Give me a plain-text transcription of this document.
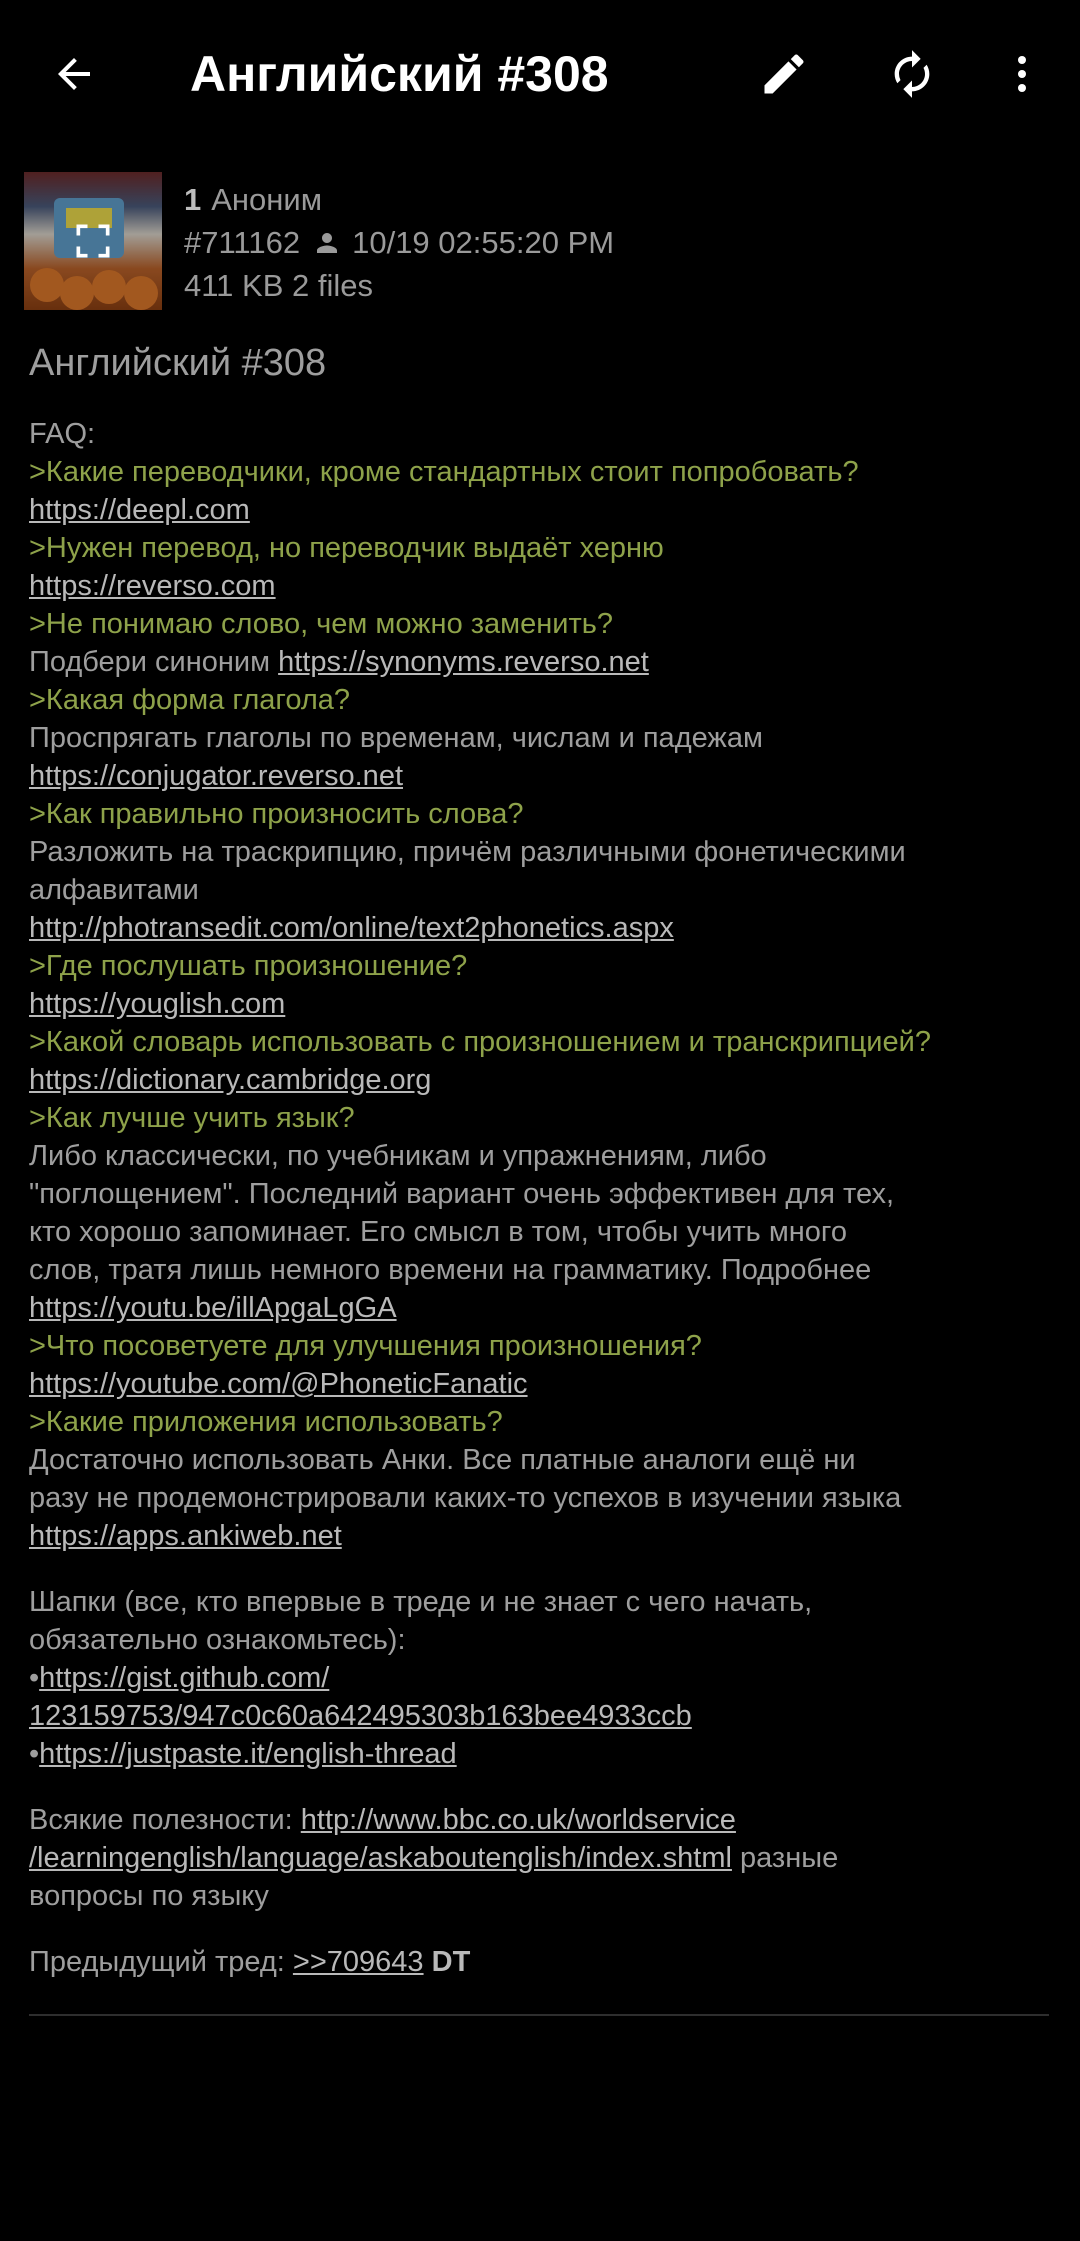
Английский #308
1 Аноним
#711162 10/19 02:55:20 PM
411 KB 2 files
Английский #308
FAQ:
>Какие переводчики, кроме стандартных стоит попробовать?
https://deepl.com
>Нужен перевод, но переводчик выдаёт херню
https://reverso.com
>Не понимаю слово, чем можно заменить?
Подбери синоним https://synonyms.reverso.net
>Какая форма глагола?
Проспрягать глаголы по временам, числам и падежам
https://conjugator.reverso.net
>Как правильно произносить слова?
Разложить на траскрипцию, причём различными фонетическими
алфавитами
http://photransedit.com/online/text2phonetics.aspx
>Где послушать произношение?
https://youglish.com
>Какой словарь использовать с произношением и транскрипцией?
https://dictionary.cambridge.org
>Как лучше учить язык?
Либо классически, по учебникам и упражнениям, либо
"поглощением". Последний вариант очень эффективен для тех,
кто хорошо запоминает. Его смысл в том, чтобы учить много
слов, тратя лишь немного времени на грамматику. Подробнее
https://youtu.be/illApgaLgGA
>Что посоветуете для улучшения произношения?
https://youtube.com/@PhoneticFanatic
>Какие приложения использовать?
Достаточно использовать Анки. Все платные аналоги ещё ни
разу не продемонстрировали каких-то успехов в изучении языка
https://apps.ankiweb.net
Шапки (все, кто впервые в треде и не знает с чего начать,
обязательно ознакомьтесь):
•https://gist.github.com/
123159753/947c0c60a642495303b163bee4933ccb
•https://justpaste.it/english-thread
Всякие полезности: http://www.bbc.co.uk/worldservice
/learningenglish/language/askaboutenglish/index.shtml разные
вопросы по языку
Предыдущий тред: >>709643 DT
